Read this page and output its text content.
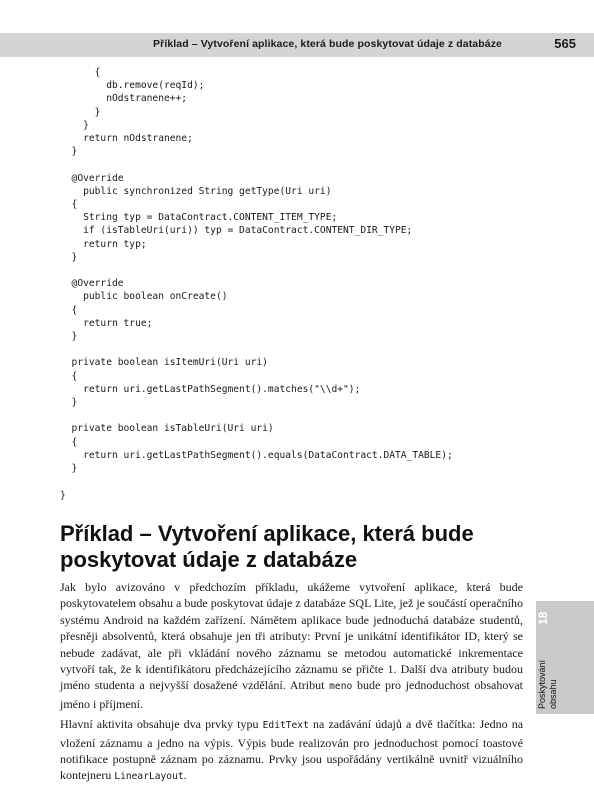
Příklad – Vytvoření aplikace, která bude poskytovat údaje z databáze	565
{
db.remove(reqId);
nOdstranene++;
}
}
return nOdstranene;
}

@Override
public synchronized String getType(Uri uri)
{
String typ = DataContract.CONTENT_ITEM_TYPE;
if (isTableUri(uri)) typ = DataContract.CONTENT_DIR_TYPE;
return typ;
}

@Override
public boolean onCreate()
{
return true;
}

private boolean isItemUri(Uri uri)
{
return uri.getLastPathSegment().matches("\\d+");
}

private boolean isTableUri(Uri uri)
{
return uri.getLastPathSegment().equals(DataContract.DATA_TABLE);
}

}
Příklad – Vytvoření aplikace, která bude poskytovat údaje z databáze

Jak bylo avizováno v předchozím příkladu, ukážeme vytvoření aplikace, která bude poskytovatelem obsahu a bude poskytovat údaje z databáze SQL Lite, jež je součástí operačního systému Android na každém zařízení. Námětem aplikace bude jednoduchá databáze studentů, přesněji absolventů, která obsahuje jen tři atributy: První je unikátní identifikátor ID, který se nebude zadávat, ale při vkládání nového záznamu se metodou automatické inkrementace vytvoří tak, že k identifikátoru předcházejícího záznamu se přičte 1. Další dva atributy budou jméno studenta a nejvyšší dosažené vzdělání. Atribut meno bude pro jednoduchost obsahovat jméno i příjmení.

Hlavní aktivita obsahuje dva prvky typu EditText na zadávání údajů a dvě tlačítka: Jedno na vložení záznamu a jedno na výpis. Výpis bude realizován pro jednoduchost pomocí toastové notifikace postupně záznam po záznamu. Prvky jsou uspořádány vertikálně uvnitř vizuálního kontejneru LinearLayout.

18
Poskytování obsahu
